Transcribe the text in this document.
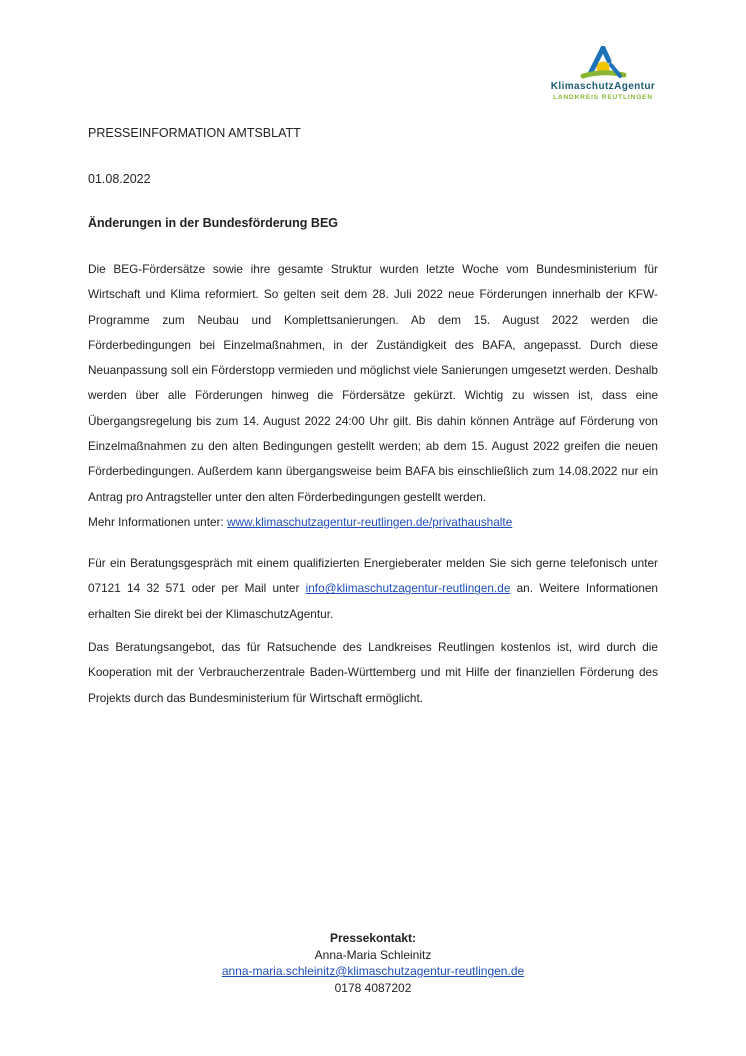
KlimaschutzAgentur
LANDKREIS REUTLINGEN
PRESSEINFORMATION AMTSBLATT
01.08.2022
Änderungen in der Bundesförderung BEG

Die BEG-Fördersätze sowie ihre gesamte Struktur wurden letzte Woche vom Bundesministerium für Wirtschaft und Klima reformiert. So gelten seit dem 28. Juli 2022 neue Förderungen innerhalb der KFW-Programme zum Neubau und Komplettsanierungen. Ab dem 15. August 2022 werden die Förderbedingungen bei Einzelmaßnahmen, in der Zuständigkeit des BAFA, angepasst. Durch diese Neuanpassung soll ein Förderstopp vermieden und möglichst viele Sanierungen umgesetzt werden. Deshalb werden über alle Förderungen hinweg die Fördersätze gekürzt. Wichtig zu wissen ist, dass eine Übergangsregelung bis zum 14. August 2022 24:00 Uhr gilt. Bis dahin können Anträge auf Förderung von Einzelmaßnahmen zu den alten Bedingungen gestellt werden; ab dem 15. August 2022 greifen die neuen Förderbedingungen. Außerdem kann übergangsweise beim BAFA bis einschließlich zum 14.08.2022 nur ein Antrag pro Antragsteller unter den alten Förderbedingungen gestellt werden.
Mehr Informationen unter: www.klimaschutzagentur-reutlingen.de/privathaushalte

Für ein Beratungsgespräch mit einem qualifizierten Energieberater melden Sie sich gerne telefonisch unter 07121 14 32 571 oder per Mail unter info@klimaschutzagentur-reutlingen.de an. Weitere Informationen erhalten Sie direkt bei der KlimaschutzAgentur.

Das Beratungsangebot, das für Ratsuchende des Landkreises Reutlingen kostenlos ist, wird durch die Kooperation mit der Verbraucherzentrale Baden-Württemberg und mit Hilfe der finanziellen Förderung des Projekts durch das Bundesministerium für Wirtschaft ermöglicht.

Pressekontakt:
Anna-Maria Schleinitz
anna-maria.schleinitz@klimaschutzagentur-reutlingen.de
0178 4087202
